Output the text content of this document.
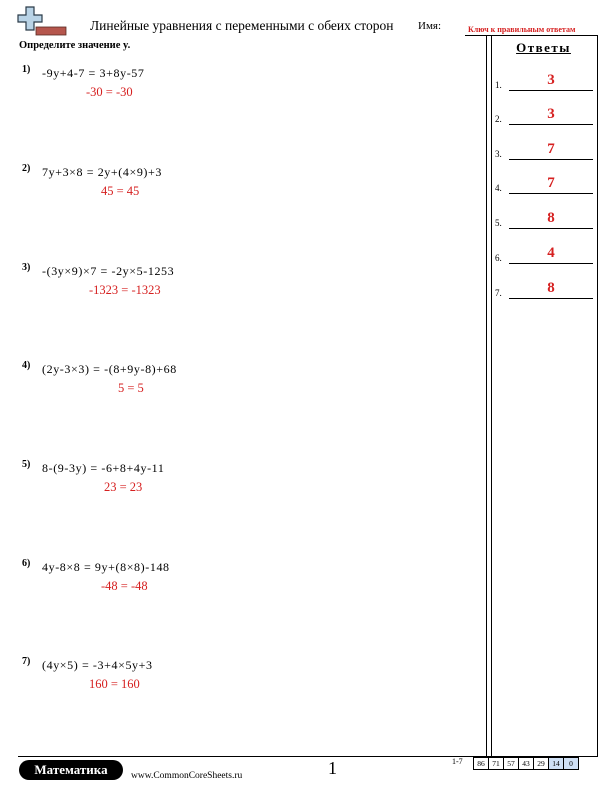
Линейные уравнения с переменными с обеих сторон Имя:	Ключ к правильным ответам
Определите значение y.	Ответы
1.	3
2.	3
3.	7
4.	7
5.	8
6.	4
7.	8
1) -9y+4-7 = 3+8y-57
-30 = -30
2) 7y+3×8 = 2y+(4×9)+3
45 = 45
3) -(3y×9)×7 = -2y×5-1253
-1323 = -1323
4) (2y-3×3) = -(8+9y-8)+68
5 = 5
5) 8-(9-3y) = -6+8+4y-11
23 = 23
6) 4y-8×8 = 9y+(8×8)-148
-48 = -48
7) (4y×5) = -3+4×5y+3
160 = 160
Математика	www.CommonCoreSheets.ru	1	1-7	86	71	57	43	29	14	0
